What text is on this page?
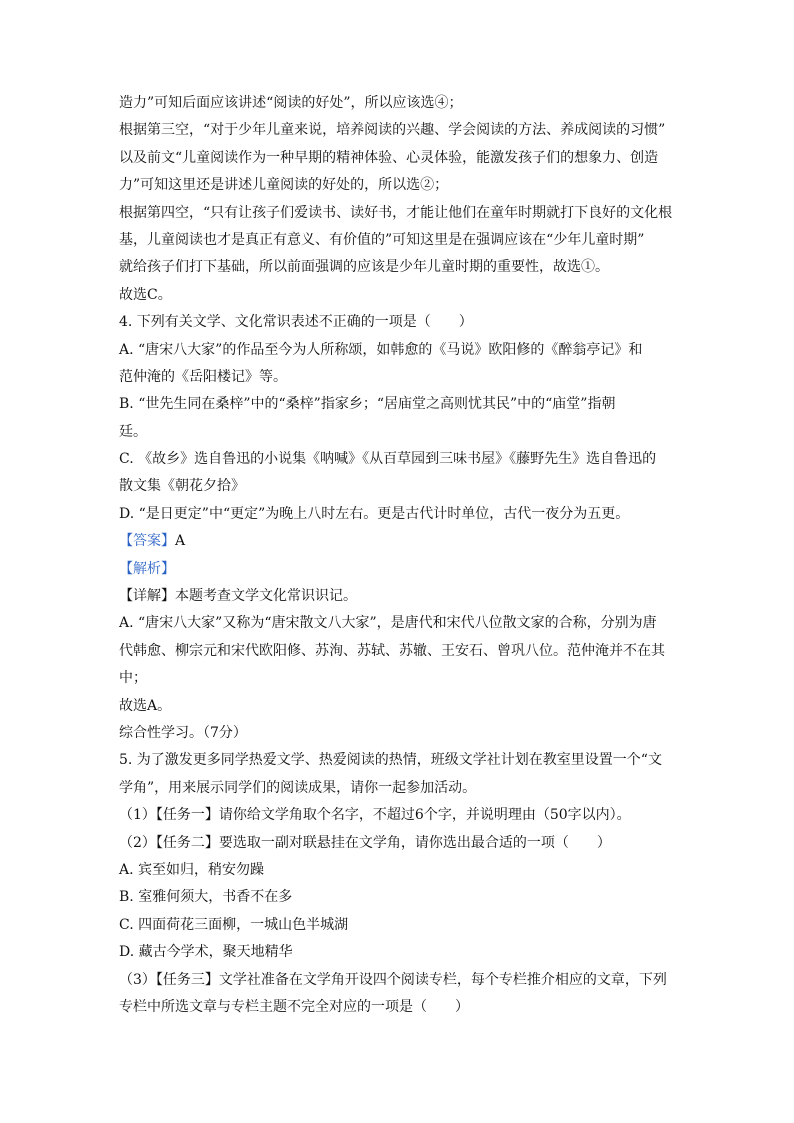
造力”可知后面应该讲述“阅读的好处”，所以应该选④；
根据第三空，“对于少年儿童来说，培养阅读的兴趣、学会阅读的方法、养成阅读的习惯”
以及前文“儿童阅读作为一种早期的精神体验、心灵体验，能激发孩子们的想象力、创造
力”可知这里还是讲述儿童阅读的好处的，所以选②；
根据第四空，“只有让孩子们爱读书、读好书，才能让他们在童年时期就打下良好的文化根
基，儿童阅读也才是真正有意义、有价值的”可知这里是在强调应该在“少年儿童时期”
就给孩子们打下基础，所以前面强调的应该是少年儿童时期的重要性，故选①。
故选C。
4. 下列有关文学、文化常识表述不正确的一项是（　　）
A. “唐宋八大家”的作品至今为人所称颂，如韩愈的《马说》欧阳修的《醉翁亭记》和
范仲淹的《岳阳楼记》等。
B. “世先生同在桑梓”中的“桑梓”指家乡；“居庙堂之高则忧其民”中的“庙堂”指朝
廷。
C. 《故乡》选自鲁迅的小说集《呐喊》《从百草园到三味书屋》《藤野先生》选自鲁迅的
散文集《朝花夕拾》
D. “是日更定”中“更定”为晚上八时左右。更是古代计时单位，古代一夜分为五更。
【答案】A
【解析】
【详解】本题考查文学文化常识识记。
A. “唐宋八大家”又称为“唐宋散文八大家”，是唐代和宋代八位散文家的合称，分别为唐
代韩愈、柳宗元和宋代欧阳修、苏洵、苏轼、苏辙、王安石、曾巩八位。范仲淹并不在其
中；
故选A。
综合性学习。（7分）
5. 为了激发更多同学热爱文学、热爱阅读的热情，班级文学社计划在教室里设置一个“文
学角”，用来展示同学们的阅读成果，请你一起参加活动。
（1）【任务一】请你给文学角取个名字，不超过6个字，并说明理由（50字以内）。
（2）【任务二】要选取一副对联悬挂在文学角，请你选出最合适的一项（　　）
A. 宾至如归，稍安勿躁
B. 室雅何须大，书香不在多
C. 四面荷花三面柳，一城山色半城湖
D. 藏古今学术，聚天地精华
（3）【任务三】文学社准备在文学角开设四个阅读专栏，每个专栏推介相应的文章，下列
专栏中所选文章与专栏主题不完全对应的一项是（　　）
